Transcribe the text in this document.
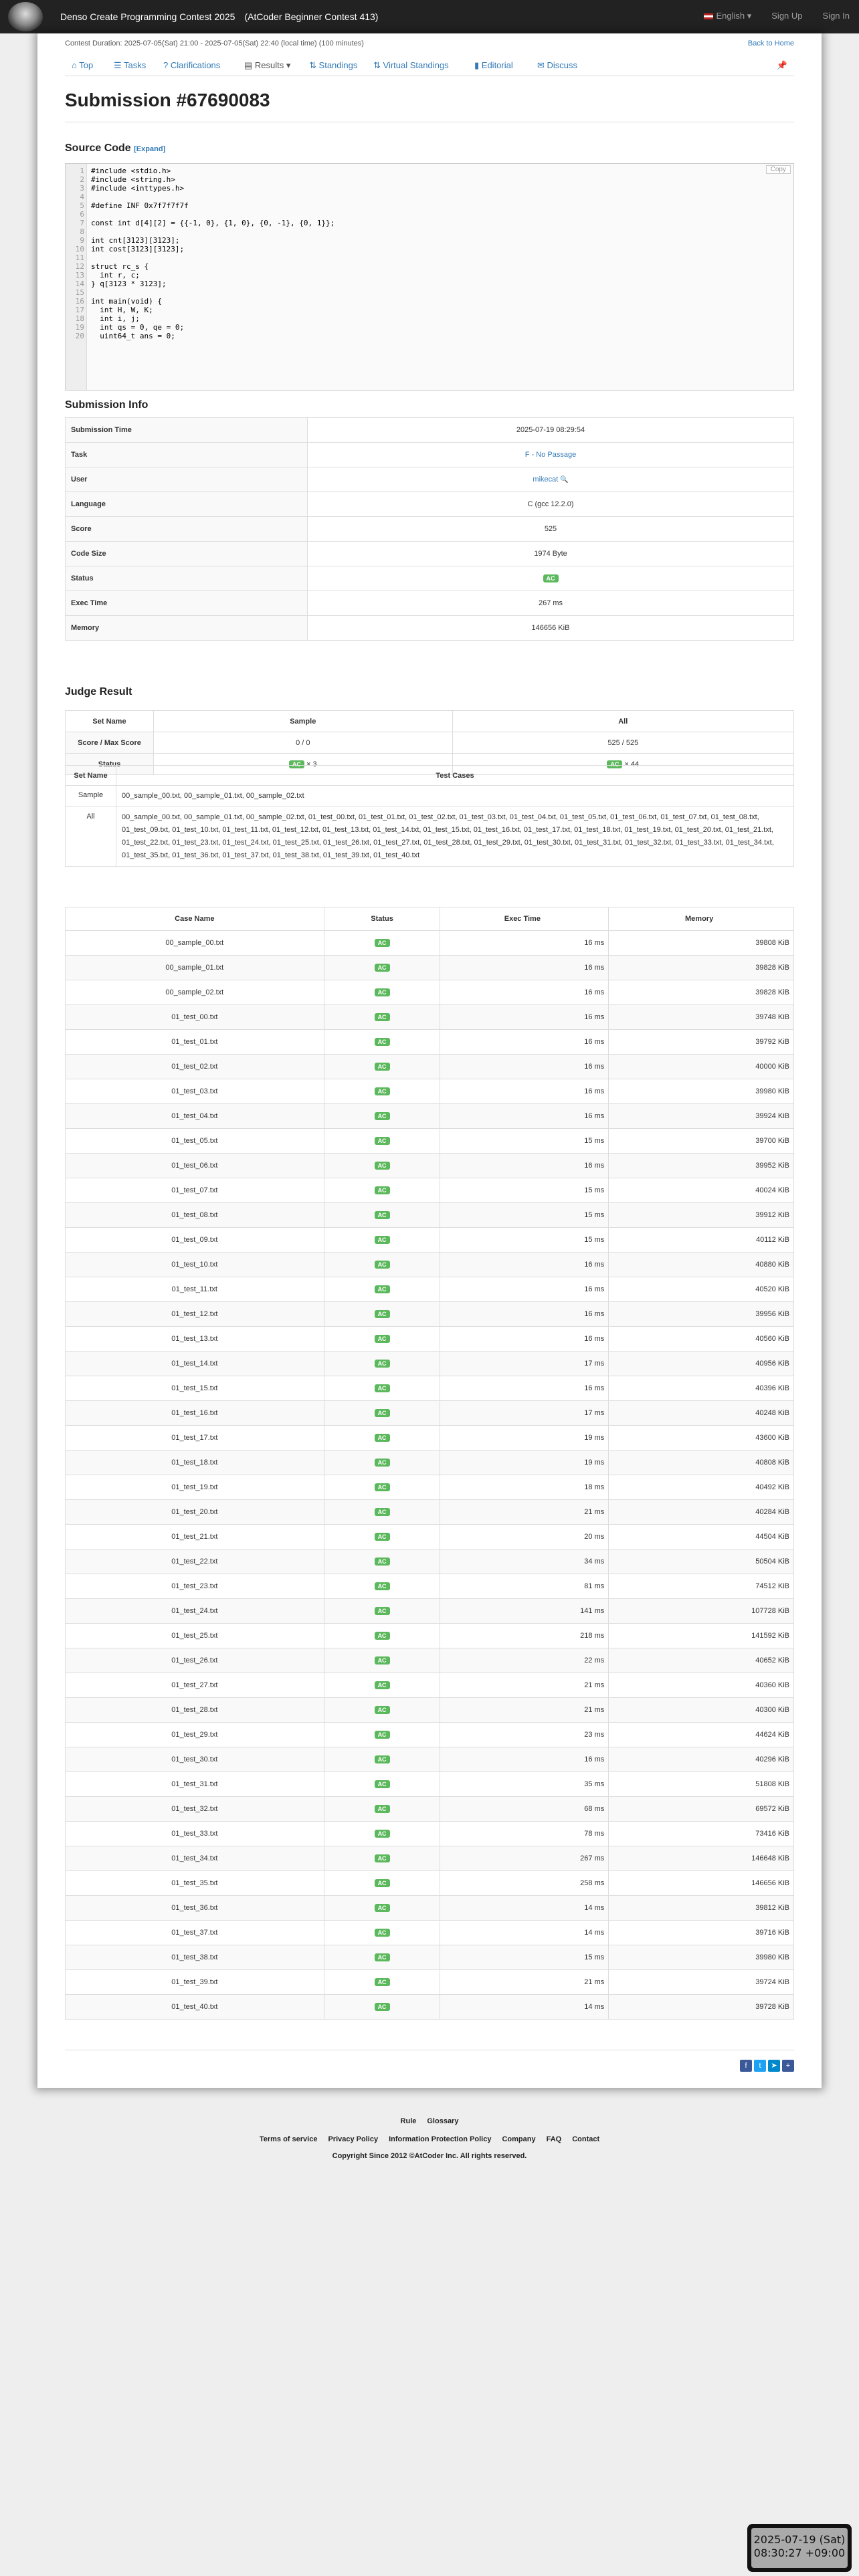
Denso Create Programming Contest 2025　(AtCoder Beginner Contest 413)	English ▾ Sign Up Sign In
Contest Duration: 2025-07-05(Sat) 21:00 - 2025-07-05(Sat) 22:40 (local time) (100 minutes)	Back to Home
⌂ Top ☰ Tasks ? Clarifications	▤ Results ▾ ⇅ Standings ⇅ Virtual Standings	▮ Editorial	✉ Discuss	📌
Submission #67690083
Source Code [Expand]
Copy
1 #include <stdio.h>
2 #include <string.h>
3 #include <inttypes.h>
4
5 #define INF 0x7f7f7f7f
6
7 const int d[4][2] = {{-1, 0}, {1, 0}, {0, -1}, {0, 1}};
8
9 int cnt[3123][3123];
10 int cost[3123][3123];
11
12 struct rc_s {
13 int r, c;
14 } q[3123 * 3123];
15
16 int main(void) {
17 int H, W, K;
18 int i, j;
19 int qs = 0, qe = 0;
20 uint64_t ans = 0;
Submission Info
Submission Time	2025-07-19 08:29:54
Task	F - No Passage
User	mikecat 🔍
Language	C (gcc 12.2.0)
Score	525
Code Size	1974 Byte
Status	AC
Exec Time	267 ms
Memory	146656 KiB
Judge Result
Set Name	Sample	All
Score / Max Score	0 / 0	525 / 525
Status	AC × 3	AC × 44
Set Name	Test Cases
Sample	00_sample_00.txt, 00_sample_01.txt, 00_sample_02.txt
All	00_sample_00.txt, 00_sample_01.txt, 00_sample_02.txt, 01_test_00.txt, 01_test_01.txt, 01_test_02.txt, 01_test_03.txt, 01_test_04.txt, 01_test_05.txt, 01_test_06.txt, 01_test_07.txt, 01_test_08.txt, 01_test_09.txt, 01_test_10.txt, 01_test_11.txt, 01_test_12.txt, 01_test_13.txt, 01_test_14.txt, 01_test_15.txt, 01_test_16.txt, 01_test_17.txt, 01_test_18.txt, 01_test_19.txt, 01_test_20.txt, 01_test_21.txt, 01_test_22.txt, 01_test_23.txt, 01_test_24.txt, 01_test_25.txt, 01_test_26.txt, 01_test_27.txt, 01_test_28.txt, 01_test_29.txt, 01_test_30.txt, 01_test_31.txt, 01_test_32.txt, 01_test_33.txt, 01_test_34.txt, 01_test_35.txt, 01_test_36.txt, 01_test_37.txt, 01_test_38.txt, 01_test_39.txt, 01_test_40.txt
Case Name	Status	Exec Time	Memory
00_sample_00.txt	AC	16 ms	39808 KiB
00_sample_01.txt	AC	16 ms	39828 KiB
00_sample_02.txt	AC	16 ms	39828 KiB
01_test_00.txt	AC	16 ms	39748 KiB
01_test_01.txt	AC	16 ms	39792 KiB
01_test_02.txt	AC	16 ms	40000 KiB
01_test_03.txt	AC	16 ms	39980 KiB
01_test_04.txt	AC	16 ms	39924 KiB
01_test_05.txt	AC	15 ms	39700 KiB
01_test_06.txt	AC	16 ms	39952 KiB
01_test_07.txt	AC	15 ms	40024 KiB
01_test_08.txt	AC	15 ms	39912 KiB
01_test_09.txt	AC	15 ms	40112 KiB
01_test_10.txt	AC	16 ms	40880 KiB
01_test_11.txt	AC	16 ms	40520 KiB
01_test_12.txt	AC	16 ms	39956 KiB
01_test_13.txt	AC	16 ms	40560 KiB
01_test_14.txt	AC	17 ms	40956 KiB
01_test_15.txt	AC	16 ms	40396 KiB
01_test_16.txt	AC	17 ms	40248 KiB
01_test_17.txt	AC	19 ms	43600 KiB
01_test_18.txt	AC	19 ms	40808 KiB
01_test_19.txt	AC	18 ms	40492 KiB
01_test_20.txt	AC	21 ms	40284 KiB
01_test_21.txt	AC	20 ms	44504 KiB
01_test_22.txt	AC	34 ms	50504 KiB
01_test_23.txt	AC	81 ms	74512 KiB
01_test_24.txt	AC	141 ms	107728 KiB
01_test_25.txt	AC	218 ms	141592 KiB
01_test_26.txt	AC	22 ms	40652 KiB
01_test_27.txt	AC	21 ms	40360 KiB
01_test_28.txt	AC	21 ms	40300 KiB
01_test_29.txt	AC	23 ms	44624 KiB
01_test_30.txt	AC	16 ms	40296 KiB
01_test_31.txt	AC	35 ms	51808 KiB
01_test_32.txt	AC	68 ms	69572 KiB
01_test_33.txt	AC	78 ms	73416 KiB
01_test_34.txt	AC	267 ms	146648 KiB
01_test_35.txt	AC	258 ms	146656 KiB
01_test_36.txt	AC	14 ms	39812 KiB
01_test_37.txt	AC	14 ms	39716 KiB
01_test_38.txt	AC	15 ms	39980 KiB
01_test_39.txt	AC	21 ms	39724 KiB
01_test_40.txt	AC	14 ms	39728 KiB
f	t	➤	+
Rule Glossary
Terms of service Privacy Policy Information Protection Policy Company FAQ Contact
Copyright Since 2012 ©AtCoder Inc. All rights reserved.
2025-07-19 (Sat)
08:30:27 +09:00
